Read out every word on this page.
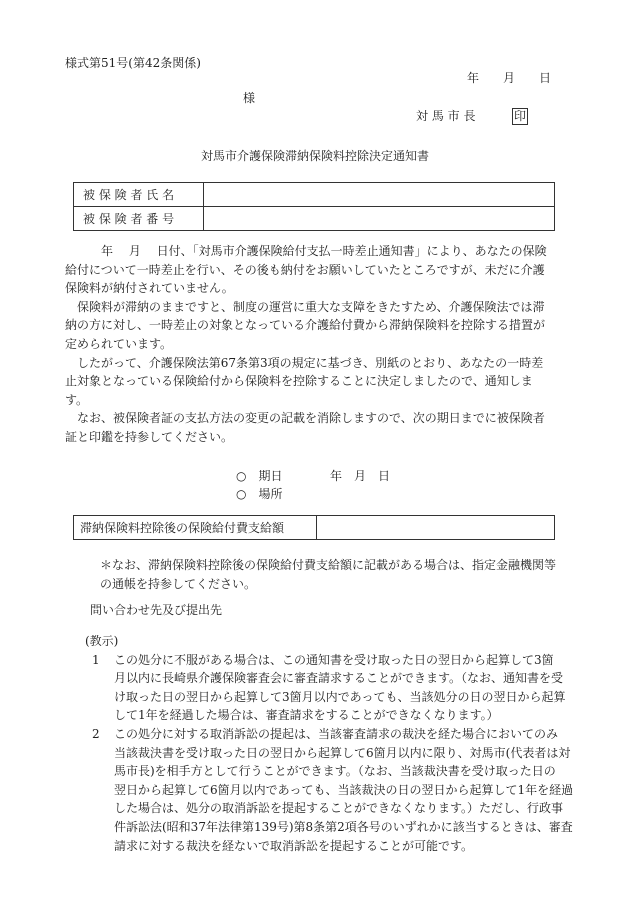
様式第51号(第42条関係)
年　　月　　日
様
対 馬 市 長	印
対馬市介護保険滞納保険料控除決定通知書
被 保 険 者 氏 名	
被 保 険 者 番 号	
　　　年　 月　 日付、「対馬市介護保険給付支払一時差止通知書」により、あなたの保険
給付について一時差止を行い、その後も納付をお願いしていたところですが、未だに介護
保険料が納付されていません。
　保険料が滞納のままですと、制度の運営に重大な支障をきたすため、介護保険法では滞
納の方に対し、一時差止の対象となっている介護給付費から滞納保険料を控除する措置が
定められています。
　したがって、介護保険法第67条第3項の規定に基づき、別紙のとおり、あなたの一時差
止対象となっている保険給付から保険料を控除することに決定しましたので、通知しま
す。
　なお、被保険者証の支払方法の変更の記載を消除しますので、次の期日までに被保険者
証と印鑑を持参してください。
○　期日	年　月　日
○　場所
滞納保険料控除後の保険給付費支給額	
＊なお、滞納保険料控除後の保険給付費支給額に記載がある場合は、指定金融機関等
の通帳を持参してください。
問い合わせ先及び提出先
(教示)
1 この処分に不服がある場合は、この通知書を受け取った日の翌日から起算して3箇
月以内に長崎県介護保険審査会に審査請求することができます。（なお、通知書を受
け取った日の翌日から起算して3箇月以内であっても、当該処分の日の翌日から起算
して1年を経過した場合は、審査請求をすることができなくなります。）
2 この処分に対する取消訴訟の提起は、当該審査請求の裁決を経た場合においてのみ
当該裁決書を受け取った日の翌日から起算して6箇月以内に限り、対馬市(代表者は対
馬市長)を相手方として行うことができます。（なお、当該裁決書を受け取った日の
翌日から起算して6箇月以内であっても、当該裁決の日の翌日から起算して1年を経過
した場合は、処分の取消訴訟を提起することができなくなります。）ただし、行政事
件訴訟法(昭和37年法律第139号)第8条第2項各号のいずれかに該当するときは、審査
請求に対する裁決を経ないで取消訴訟を提起することが可能です。
